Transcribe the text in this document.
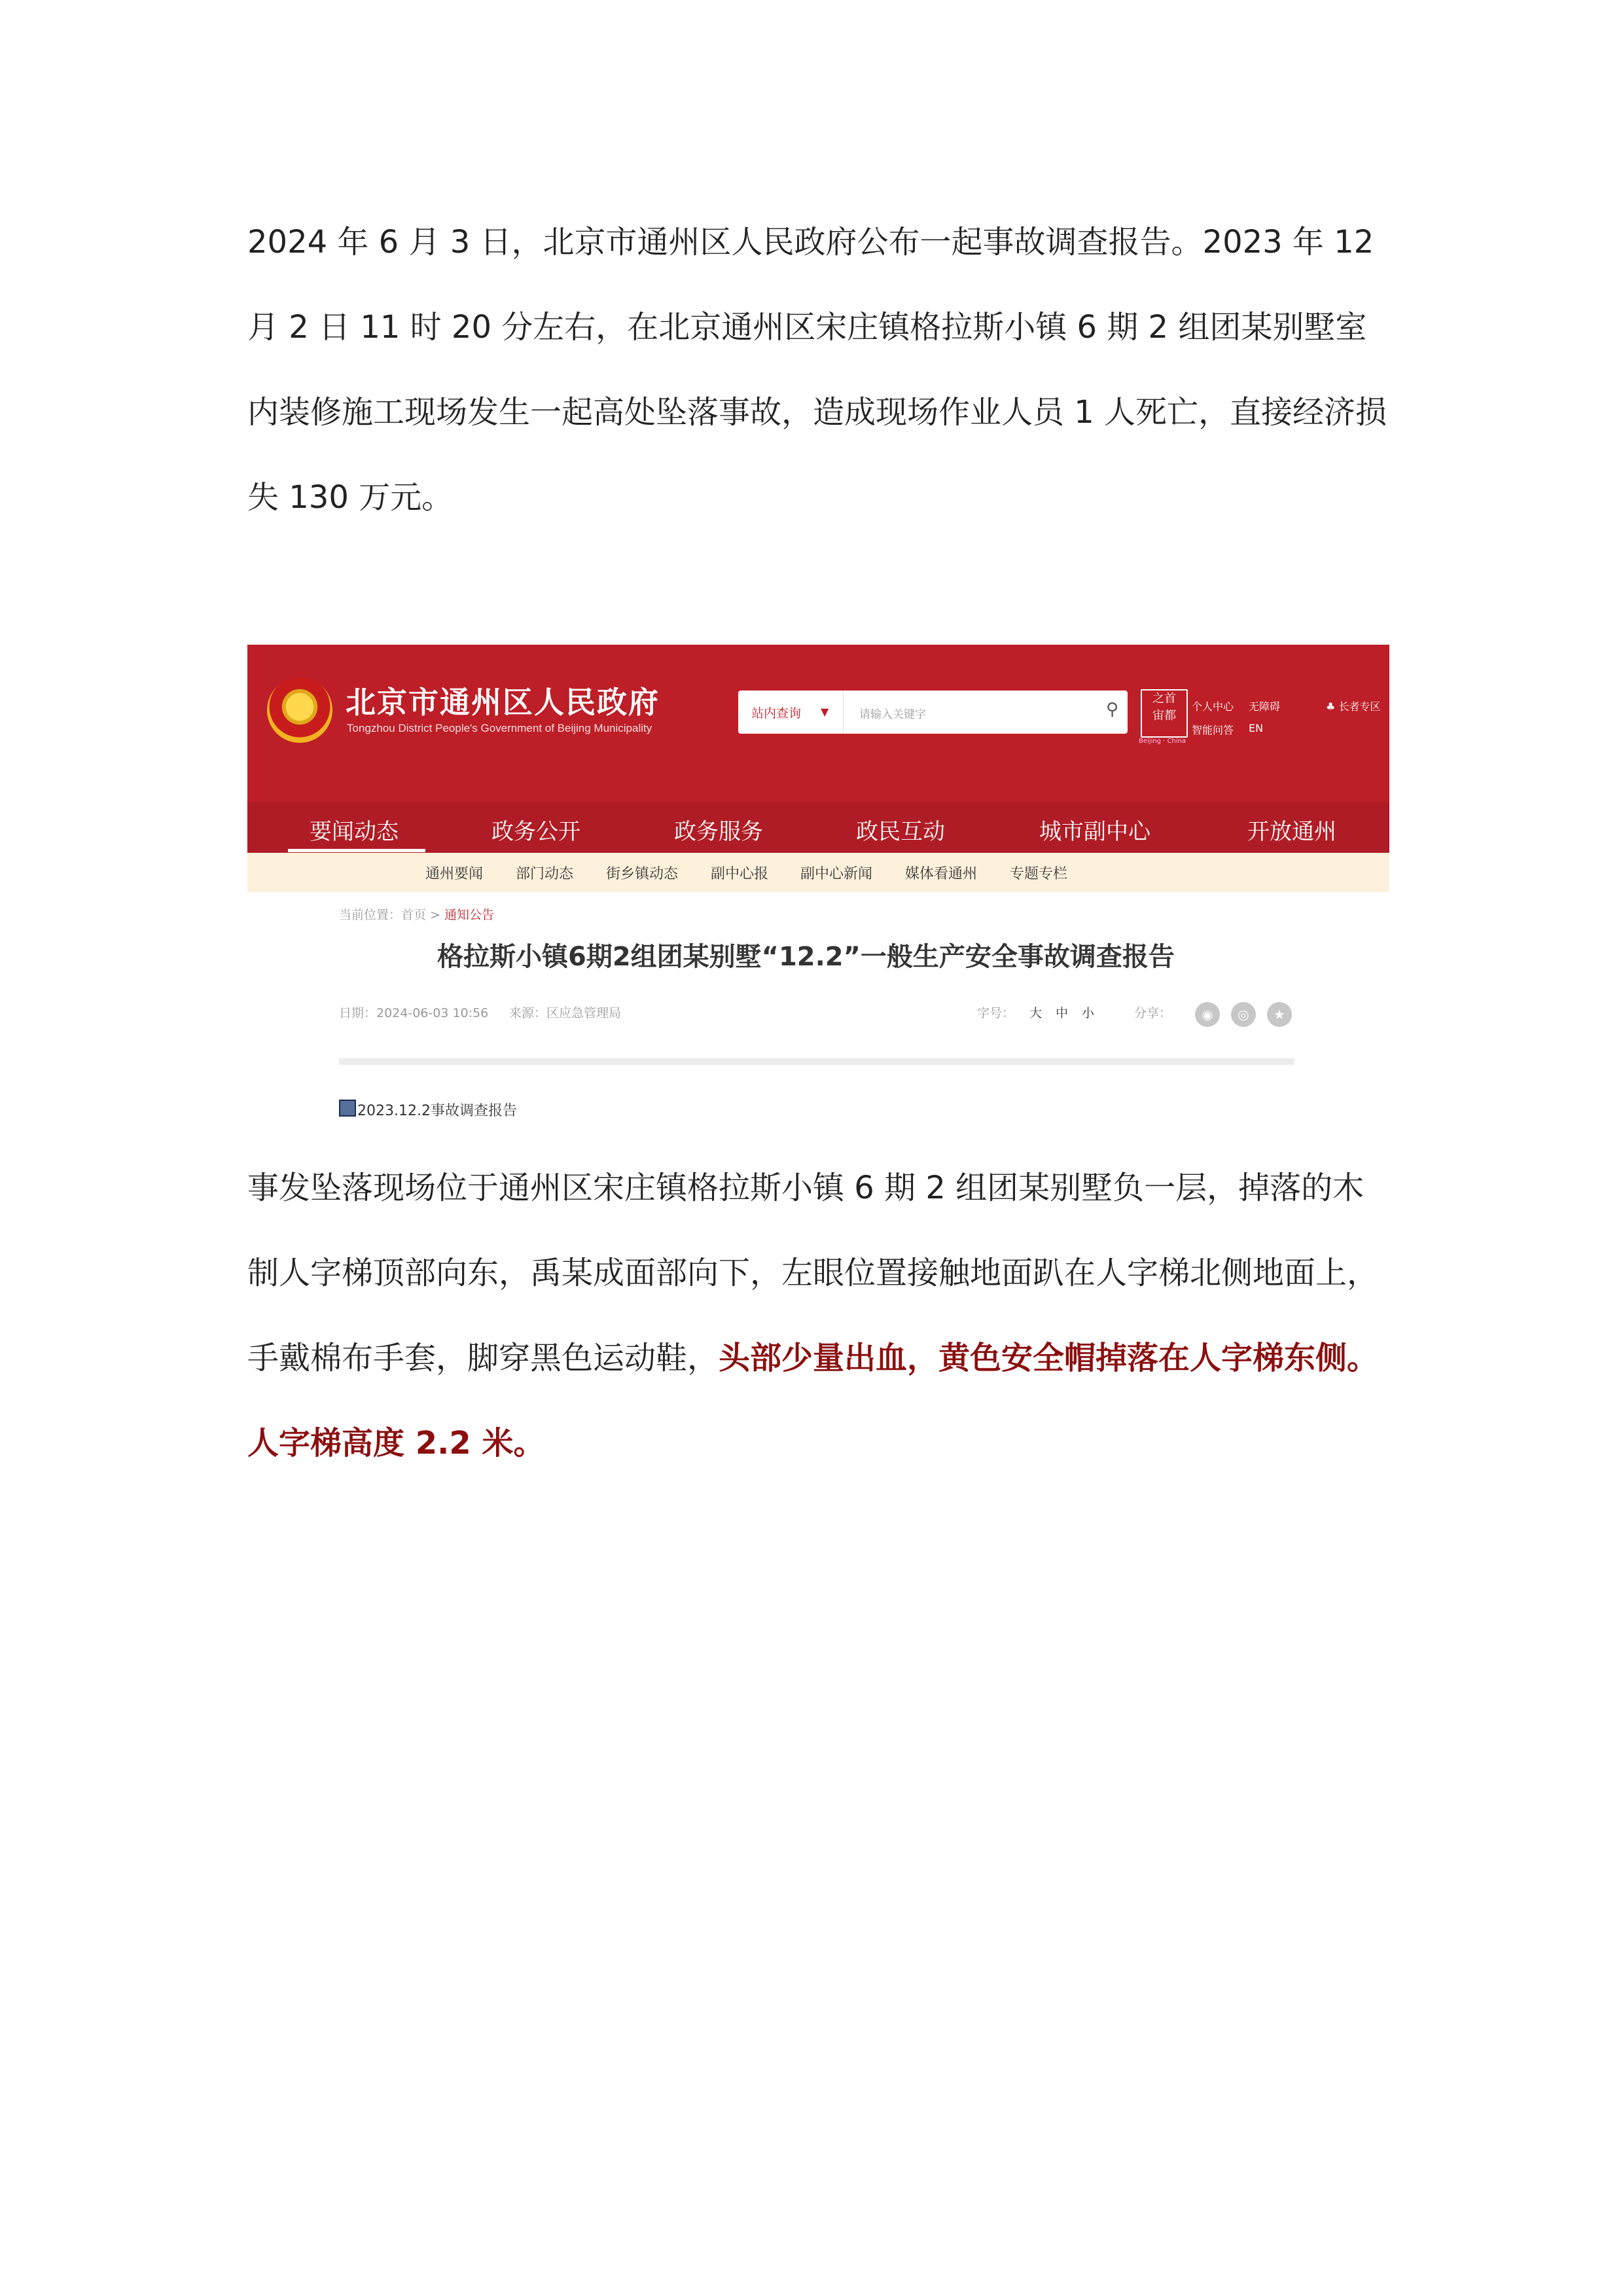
2024 年 6 月 3 日，北京市通州区人民政府公布一起事故调查报告。2023 年 12 月 2 日 11 时 20 分左右，在北京通州区宋庄镇格拉斯小镇 6 期 2 组团某别墅室内装修施工现场发生一起高处坠落事故，造成现场作业人员 1 人死亡，直接经济损失 130 万元。

北京市通州区人民政府
Tongzhou District People's Government of Beijing Municipality
站内查询 ▼	请输入关键字	⚲
之首
宙都
Beijing · China
个人中心 无障碍
智能问答 EN
♣ 长者专区
要闻动态	政务公开	政务服务	政民互动	城市副中心	开放通州
通州要闻 部门动态 街乡镇动态 副中心报 副中心新闻 媒体看通州 专题专栏
当前位置：首页 > 通知公告
格拉斯小镇6期2组团某别墅“12.2”一般生产安全事故调查报告
日期：2024-06-03 10:56 来源：区应急管理局	字号： 大 中 小	分享：	◉	◎	★
2023.12.2事故调查报告

事发坠落现场位于通州区宋庄镇格拉斯小镇 6 期 2 组团某别墅负一层，掉落的木制人字梯顶部向东，禹某成面部向下，左眼位置接触地面趴在人字梯北侧地面上，手戴棉布手套，脚穿黑色运动鞋，头部少量出血，黄色安全帽掉落在人字梯东侧。人字梯高度 2.2 米。
